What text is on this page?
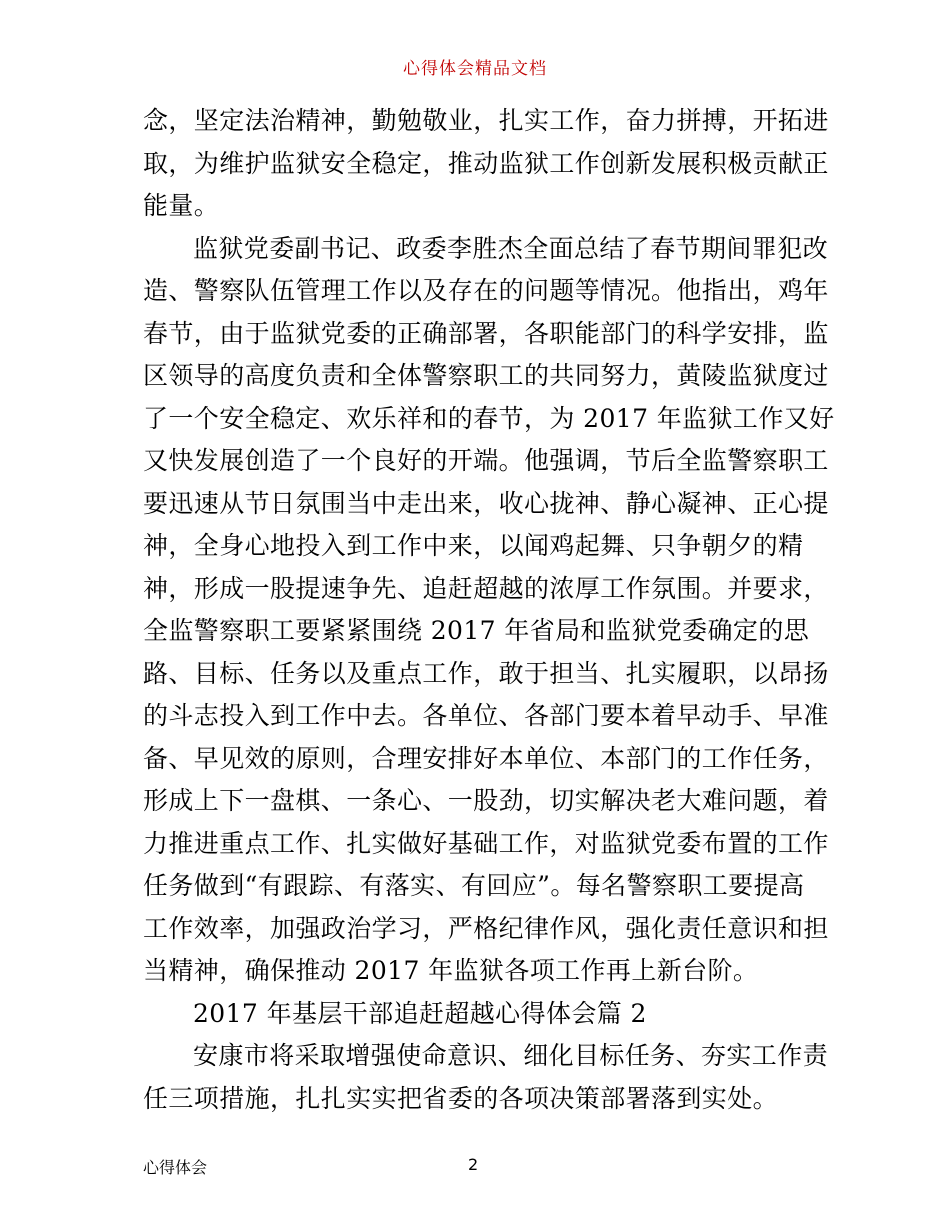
心得体会精品文档
念，坚定法治精神，勤勉敬业，扎实工作，奋力拼搏，开拓进
取，为维护监狱安全稳定，推动监狱工作创新发展积极贡献正
能量。
监狱党委副书记、政委李胜杰全面总结了春节期间罪犯改
造、警察队伍管理工作以及存在的问题等情况。他指出，鸡年
春节，由于监狱党委的正确部署，各职能部门的科学安排，监
区领导的高度负责和全体警察职工的共同努力，黄陵监狱度过
了一个安全稳定、欢乐祥和的春节，为 2017 年监狱工作又好
又快发展创造了一个良好的开端。他强调，节后全监警察职工
要迅速从节日氛围当中走出来，收心拢神、静心凝神、正心提
神，全身心地投入到工作中来，以闻鸡起舞、只争朝夕的精
神，形成一股提速争先、追赶超越的浓厚工作氛围。并要求，
全监警察职工要紧紧围绕 2017 年省局和监狱党委确定的思
路、目标、任务以及重点工作，敢于担当、扎实履职，以昂扬
的斗志投入到工作中去。各单位、各部门要本着早动手、早准
备、早见效的原则，合理安排好本单位、本部门的工作任务，
形成上下一盘棋、一条心、一股劲，切实解决老大难问题，着
力推进重点工作、扎实做好基础工作，对监狱党委布置的工作
任务做到“有跟踪、有落实、有回应”。每名警察职工要提高
工作效率，加强政治学习，严格纪律作风，强化责任意识和担
当精神，确保推动 2017 年监狱各项工作再上新台阶。
2017 年基层干部追赶超越心得体会篇 2
安康市将采取增强使命意识、细化目标任务、夯实工作责
任三项措施，扎扎实实把省委的各项决策部署落到实处。
心得体会	2
